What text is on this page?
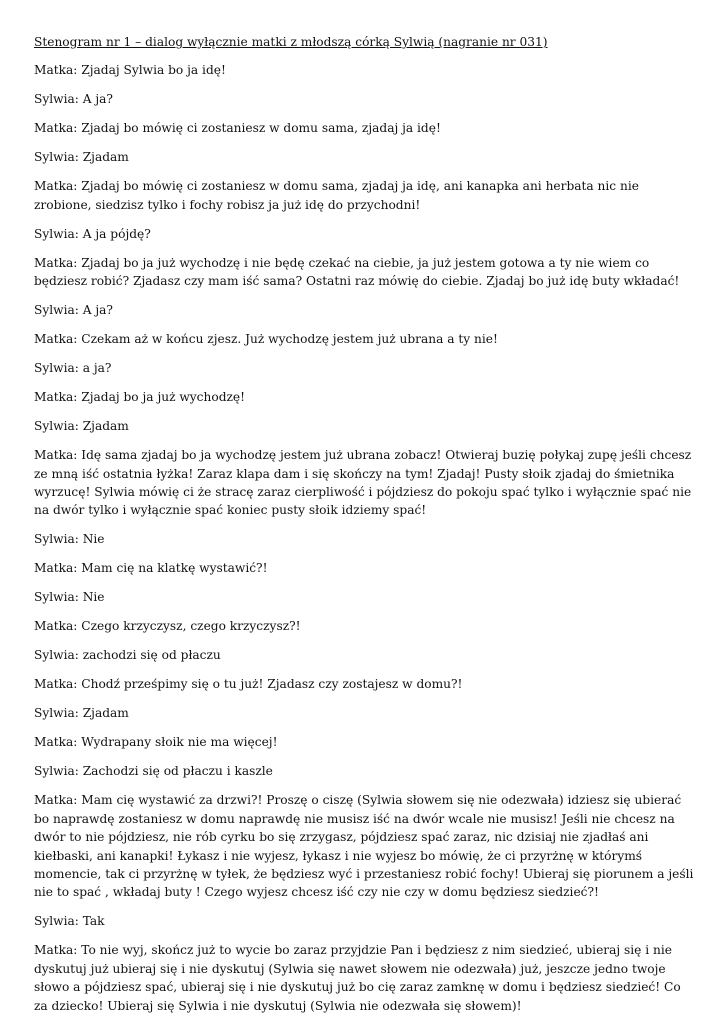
Stenogram nr 1 – dialog wyłącznie matki z młodszą córką Sylwią (nagranie nr 031)

Matka: Zjadaj Sylwia bo ja idę!

Sylwia: A ja?

Matka: Zjadaj bo mówię ci zostaniesz w domu sama, zjadaj ja idę!

Sylwia: Zjadam

Matka: Zjadaj bo mówię ci zostaniesz w domu sama, zjadaj ja idę, ani kanapka ani herbata nic nie zrobione, siedzisz tylko i fochy robisz ja już idę do przychodni!

Sylwia: A ja pójdę?

Matka: Zjadaj bo ja już wychodzę i nie będę czekać na ciebie, ja już jestem gotowa a ty nie wiem co będziesz robić? Zjadasz czy mam iść sama? Ostatni raz mówię do ciebie. Zjadaj bo już idę buty wkładać!

Sylwia: A ja?

Matka: Czekam aż w końcu zjesz. Już wychodzę jestem już ubrana a ty nie!

Sylwia: a ja?

Matka: Zjadaj bo ja już wychodzę!

Sylwia: Zjadam

Matka: Idę sama zjadaj bo ja wychodzę jestem już ubrana zobacz! Otwieraj buzię połykaj zupę jeśli chcesz ze mną iść ostatnia łyżka! Zaraz klapa dam i się skończy na tym! Zjadaj! Pusty słoik zjadaj do śmietnika wyrzucę! Sylwia mówię ci że stracę zaraz cierpliwość i pójdziesz do pokoju spać tylko i wyłącznie spać nie na dwór tylko i wyłącznie spać koniec pusty słoik idziemy spać!

Sylwia: Nie

Matka: Mam cię na klatkę wystawić?!

Sylwia: Nie

Matka: Czego krzyczysz, czego krzyczysz?!

Sylwia: zachodzi się od płaczu

Matka: Chodź prześpimy się o tu już! Zjadasz czy zostajesz w domu?!

Sylwia: Zjadam

Matka: Wydrapany słoik nie ma więcej!

Sylwia: Zachodzi się od płaczu i kaszle

Matka: Mam cię wystawić za drzwi?! Proszę o ciszę (Sylwia słowem się nie odezwała) idziesz się ubierać bo naprawdę zostaniesz w domu naprawdę nie musisz iść na dwór wcale nie musisz! Jeśli nie chcesz na dwór to nie pójdziesz, nie rób cyrku bo się zrzygasz, pójdziesz spać zaraz, nic dzisiaj nie zjadłaś ani kiełbaski, ani kanapki! Łykasz i nie wyjesz, łykasz i nie wyjesz bo mówię, że ci przyrżnę w którymś momencie, tak ci przyrżnę w tyłek, że będziesz wyć i przestaniesz robić fochy! Ubieraj się piorunem a jeśli nie to spać , wkładaj buty ! Czego wyjesz chcesz iść czy nie czy w domu będziesz siedzieć?!

Sylwia: Tak

Matka: To nie wyj, skończ już to wycie bo zaraz przyjdzie Pan i będziesz z nim siedzieć, ubieraj się i nie dyskutuj już ubieraj się i nie dyskutuj (Sylwia się nawet słowem nie odezwała) już, jeszcze jedno twoje słowo a pójdziesz spać, ubieraj się i nie dyskutuj już bo cię zaraz zamknę w domu i będziesz siedzieć! Co za dziecko! Ubieraj się Sylwia i nie dyskutuj (Sylwia nie odezwała się słowem)!
